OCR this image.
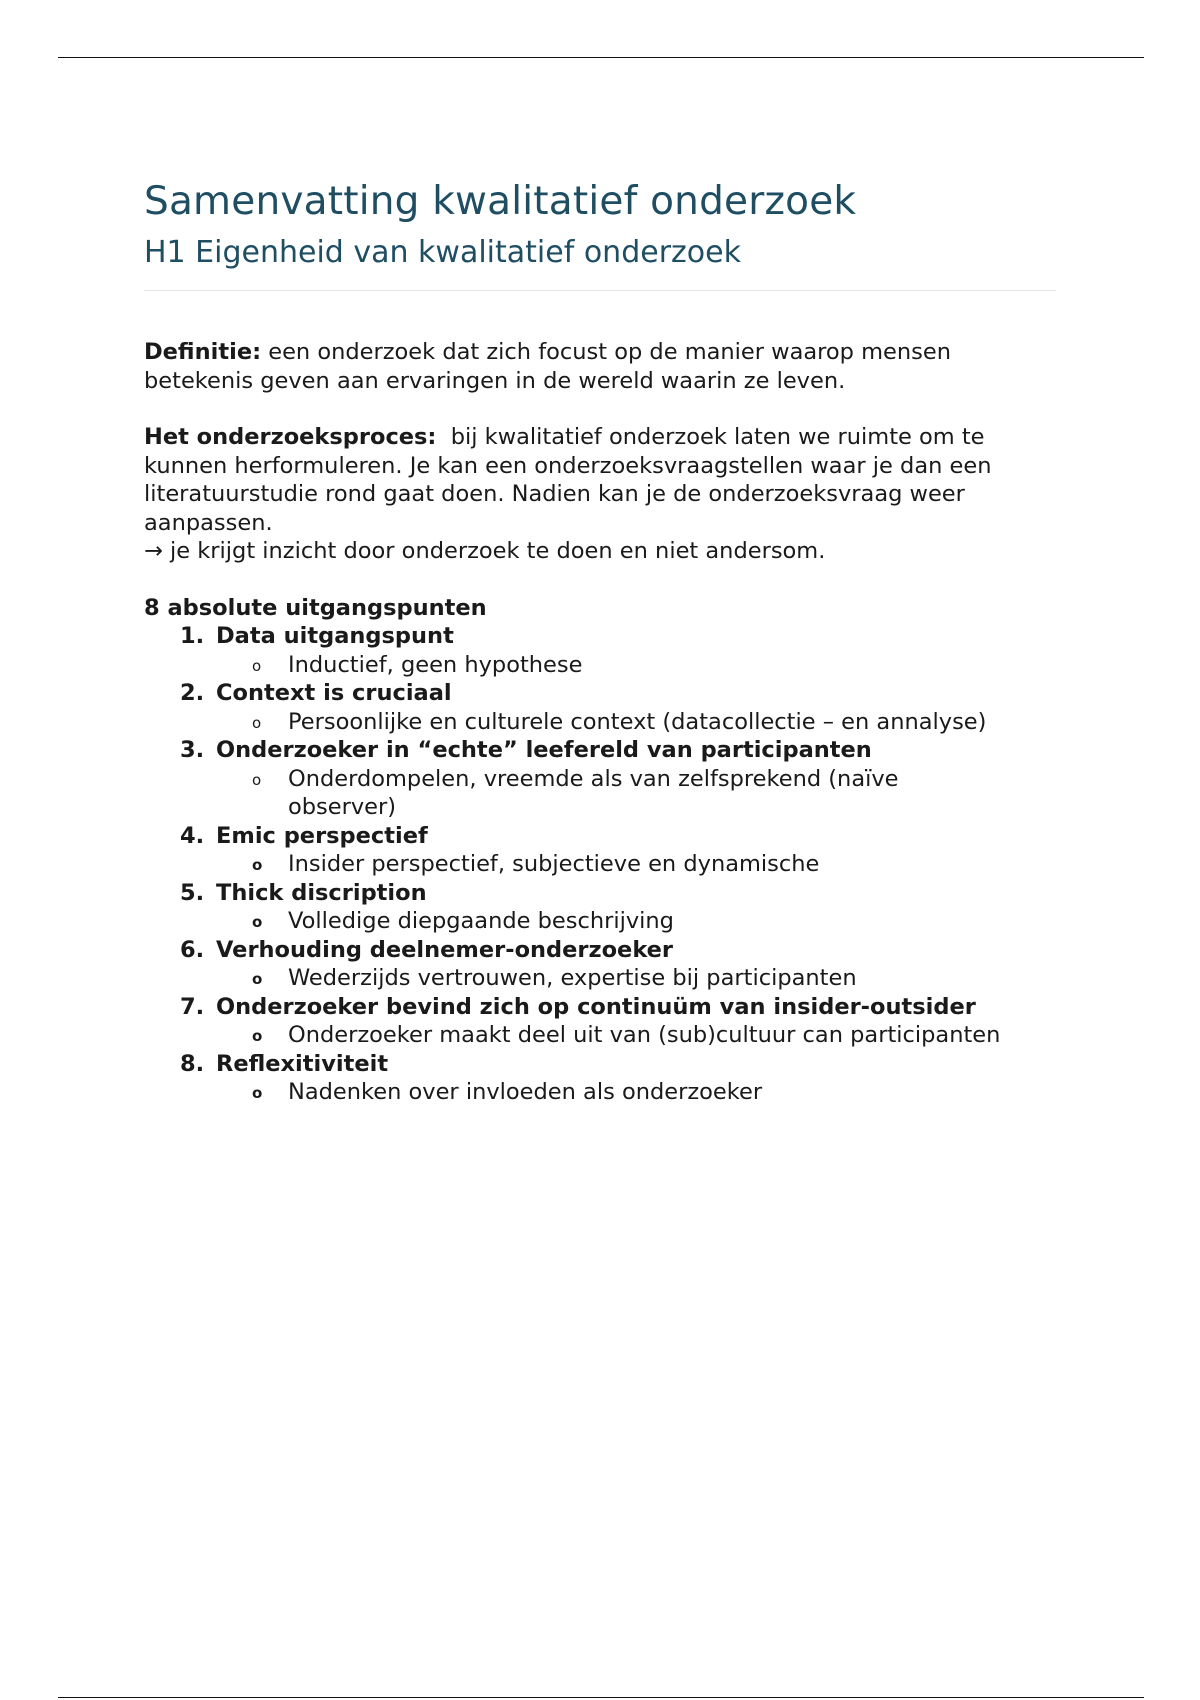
Samenvatting kwalitatief onderzoek
H1 Eigenheid van kwalitatief onderzoek

Definitie: een onderzoek dat zich focust op de manier waarop mensen betekenis geven aan ervaringen in de wereld waarin ze leven.

Het onderzoeksproces:  bij kwalitatief onderzoek laten we ruimte om te kunnen herformuleren. Je kan een onderzoeksvraagstellen waar je dan een literatuurstudie rond gaat doen. Nadien kan je de onderzoeksvraag weer aanpassen.

→ je krijgt inzicht door onderzoek te doen en niet andersom.

8 absolute uitgangspunten
1. Data uitgangspunt
o Inductief, geen hypothese
2. Context is cruciaal
o Persoonlijke en culturele context (datacollectie – en annalyse)
3. Onderzoeker in “echte” leefereld van participanten
o Onderdompelen, vreemde als van zelfsprekend (naïve observer)
4. Emic perspectief
o Insider perspectief, subjectieve en dynamische
5. Thick discription
o Volledige diepgaande beschrijving
6. Verhouding deelnemer-onderzoeker
o Wederzijds vertrouwen, expertise bij participanten
7. Onderzoeker bevind zich op continuüm van insider-outsider
o Onderzoeker maakt deel uit van (sub)cultuur can participanten
8. Reflexitiviteit
o Nadenken over invloeden als onderzoeker
